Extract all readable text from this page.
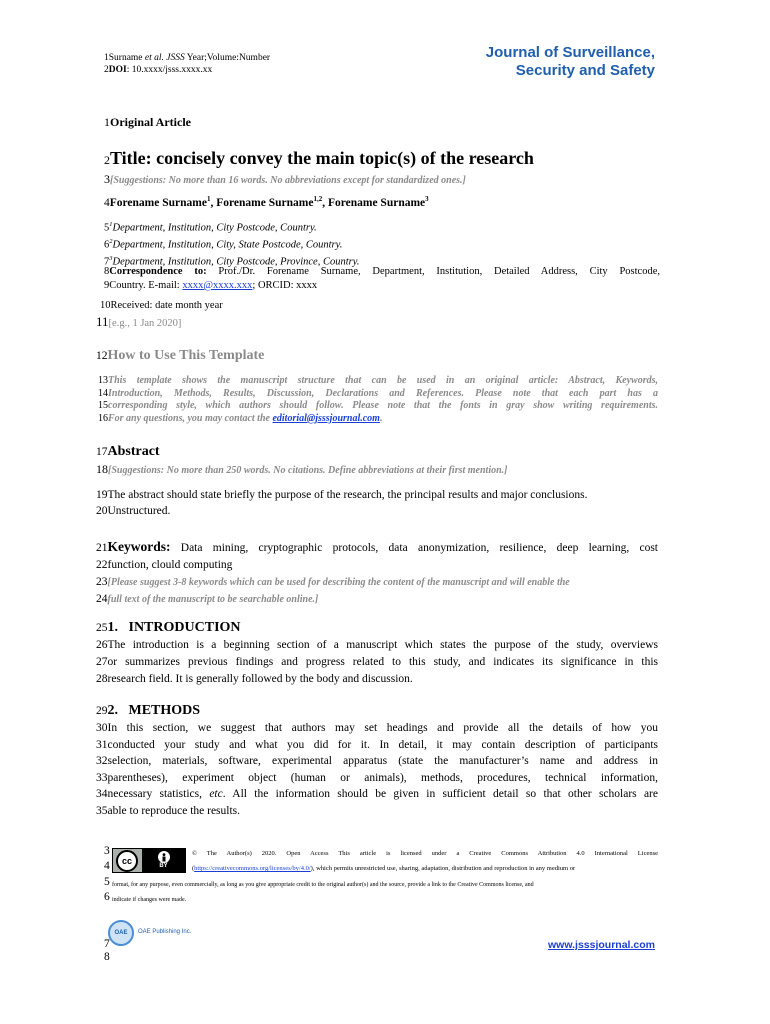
1Surname et al. JSSS Year;Volume:Number
2DOI: 10.xxxx/jsss.xxxx.xx
Journal of Surveillance,
Security and Safety
1Original Article
2Title: concisely convey the main topic(s) of the research
3[Suggestions: No more than 16 words. No abbreviations except for standardized ones.]
4Forename Surname$^1$, Forename Surname$^{1,2}$, Forename Surname$^3$
$5^1Department$, Institution, City Postcode, Country.
$6^2Department$, Institution, City, State Postcode, Country.
$7^3Department$, Institution, City Postcode, Province, Country.
8Correspondence to: Prof./Dr. Forename Surname, Department, Institution, Detailed Address, City Postcode,
9Country. E-mail: xxxx@xxxx.xxx; ORCID: xxxx
10Received: date month year
11[e.g., 1 Jan 2020]
12How to Use This Template
13This template shows the manuscript structure that can be used in an original article: Abstract, Keywords,
14Introduction, Methods, Results, Discussion, Declarations and References. Please note that each part has a
15corresponding style, which authors should follow. Please note that the fonts in gray show writing requirements.
16For any questions, you may contact the editorial@jsssjournal.com.
17Abstract
18[Suggestions: No more than 250 words. No citations. Define abbreviations at their first mention.]
19The abstract should state briefly the purpose of the research, the principal results and major conclusions.
20Unstructured.
21Keywords: Data mining, cryptographic protocols, data anonymization, resilience, deep learning, cost
22function, clould computing
23[Please suggest 3-8 keywords which can be used for describing the content of the manuscript and will enable the
24full text of the manuscript to be searchable online.]
251.   INTRODUCTION
26The introduction is a beginning section of a manuscript which states the purpose of the study, overviews
27or summarizes previous findings and progress related to this study, and indicates its significance in this
28research field. It is generally followed by the body and discussion.
292.   METHODS
30In this section, we suggest that authors may set headings and provide all the details of how you
31conducted your study and what you did for it. In detail, it may contain description of participants
32selection, materials, software, experimental apparatus (state the manufacturer’s name and address in
33parentheses), experiment object (human or animals), methods, procedures, technical information,
34necessary statistics, etc. All the information should be given in sufficient detail so that other scholars are
35able to reproduce the results.
3
4 cc
BY
© The Author(s) 2020. Open Access This article is licensed under a Creative Commons Attribution 4.0 International License
(https://creativecommons.org/licenses/by/4.0/), which permits unrestricted use, sharing, adaptation, distribution and reproduction in any medium or
5 format, for any purpose, even commercially, as long as you give appropriate credit to the original author(s) and the source, provide a link to the Creative Commons license, and
6 indicate if changes were made.
OAE OAE Publishing Inc.
7
8
www.jsssjournal.com
